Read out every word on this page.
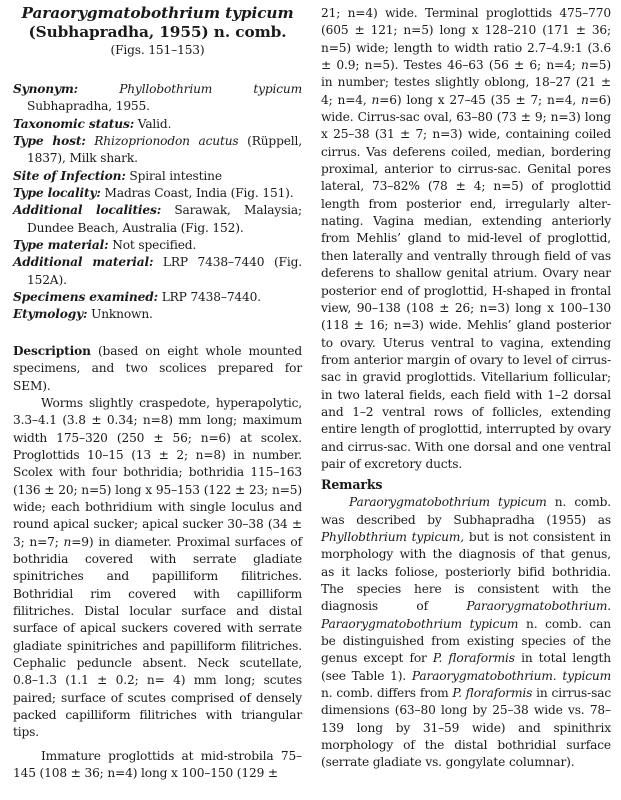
Paraorygmatobothrium typicum
(Subhapradha, 1955) n. comb.
(Figs. 151–153)

Synonym:	Phyllobothrium typicum Subhapradha, 1955.

Taxonomic status: Valid.

Type host: Rhizoprionodon acutus (Rüppell, 1837), Milk shark.

Site of Infection: Spiral intestine

Type locality: Madras Coast, India (Fig. 151).

Additional localities: Sarawak, Malaysia; Dundee Beach, Australia (Fig. 152).

Type material: Not specified.

Additional material: LRP 7438–7440 (Fig. 152A).

Specimens examined: LRP 7438–7440.

Etymology: Unknown.

Description (based on eight whole mounted specimens, and two scolices prepared for SEM).

Worms slightly craspedote, hyperapolytic, 3.3–4.1 (3.8 ± 0.34; n=8) mm long; maximum width 175–320 (250 ± 56; n=6) at scolex. Proglottids 10–15 (13 ± 2; n=8) in number. Scolex with four bothridia; bothridia 115–163 (136 ± 20; n=5) long x 95–153 (122 ± 23; n=5) wide; each bothridium with single loculus and round apical sucker; apical sucker 30–38 (34 ± 3; n=7; n=9) in diameter. Proximal surfaces of bothridia covered with serrate gladiate spinitriches and papilliform filitriches. Bothridial rim covered with capilliform filitriches. Distal locular surface and distal surface of apical suckers covered with serrate gladiate spinitriches and papilliform filitriches. Cephalic peduncle absent. Neck scutellate, 0.8–1.3 (1.1 ± 0.2; n= 4) mm long; scutes paired; surface of scutes comprised of densely packed capilliform filitriches with triangular tips.

Immature proglottids at mid-strobila 75–145 (108 ± 36; n=4) long x 100–150 (129 ±

21; n=4) wide. Terminal proglottids 475–770 (605 ± 121; n=5) long x 128–210 (171 ± 36; n=5) wide; length to width ratio 2.7–4.9:1 (3.6 ± 0.9; n=5). Testes 46–63 (56 ± 6; n=4; n=5) in number; testes slightly oblong, 18–27 (21 ± 4; n=4, n=6) long x 27–45 (35 ± 7; n=4, n=6) wide. Cirrus-sac oval, 63–80 (73 ± 9; n=3) long x 25–38 (31 ± 7; n=3) wide, containing coiled cirrus. Vas deferens coiled, median, bordering proximal, anterior to cirrus-sac. Genital pores lateral, 73–82% (78 ± 4; n=5) of proglottid length from posterior end, irregularly alternating. Vagina median, extending anteriorly from Mehlis’ gland to mid-level of proglottid, then laterally and ventrally through field of vas deferens to shallow genital atrium. Ovary near posterior end of proglottid, H-shaped in frontal view, 90–138 (108 ± 26; n=3) long x 100–130 (118 ± 16; n=3) wide. Mehlis’ gland posterior to ovary. Uterus ventral to vagina, extending from anterior margin of ovary to level of cirrus-sac in gravid proglottids. Vitellarium follicular; in two lateral fields, each field with 1–2 dorsal and 1–2 ventral rows of follicles, extending entire length of proglottid, interrupted by ovary and cirrus-sac. With one dorsal and one ventral pair of excretory ducts.

Remarks

Paraorygmatobothrium typicum n. comb. was described by Subhapradha (1955) as Phyllobthrium typicum, but is not consistent in morphology with the diagnosis of that genus, as it lacks foliose, posteriorly bifid bothridia. The species here is consistent with the diagnosis of Paraorygmatobothrium. Paraorygmatobothrium typicum n. comb. can be distinguished from existing species of the genus except for P. floraformis in total length (see Table 1). Paraorygmatobothrium. typicum n. comb. differs from P. floraformis in cirrus-sac dimensions (63–80 long by 25–38 wide vs. 78–139 long by 31–59 wide) and spinithrix morphology of the distal bothridial surface (serrate gladiate vs. gongylate columnar).
